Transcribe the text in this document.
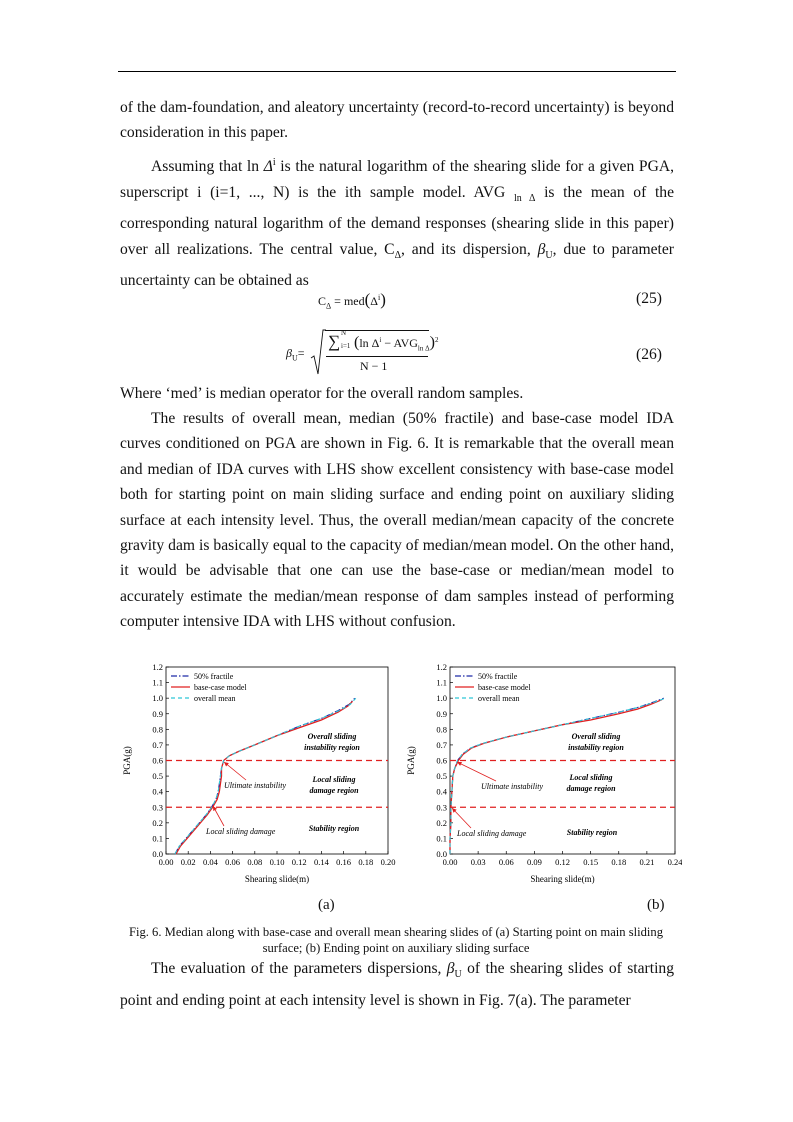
of the dam-foundation, and aleatory uncertainty (record-to-record uncertainty) is beyond consideration in this paper.

Assuming that $\ln \Delta^i$ is the natural logarithm of the shearing slide for a given PGA, superscript i (i=1, ..., N) is the ith sample model. AVG $_{ln \Delta}$ is the mean of the corresponding natural logarithm of the demand responses (shearing slide in this paper) over all realizations. The central value, $C_\Delta$, and its dispersion, $\beta_U$, due to parameter uncertainty can be obtained as

$C_\Delta = med(\Delta^i)$	(25)
$\beta_U=$
∑ N
i=1 (ln $\Delta^i - AVG_{ln \Delta})^2$
N − 1
(26)

Where ‘med’ is median operator for the overall random samples.

The results of overall mean, median (50% fractile) and base-case model IDA curves conditioned on PGA are shown in Fig. 6. It is remarkable that the overall mean and median of IDA curves with LHS show excellent consistency with base-case model both for starting point on main sliding surface and ending point on auxiliary sliding surface at each intensity level. Thus, the overall median/mean capacity of the concrete gravity dam is basically equal to the capacity of median/mean model. On the other hand, it would be advisable that one can use the base-case or median/mean model to accurately estimate the median/mean response of dam samples instead of performing computer intensive IDA with LHS without confusion.

0.0
0.1
0.2
0.3
0.4
0.5
0.6
0.7
0.8
0.9
1.0
1.1
1.2
0.00 0.02 0.04 0.06 0.08 0.10 0.12 0.14 0.16 0.18 0.20
Shearing slide(m)
PGA(g)
50% fractile
base-case model
overall mean
Overall sliding
instability region
Local sliding
damage region
Stability region
Ultimate instability
Local sliding damage
0.0
0.1
0.2
0.3
0.4
0.5
0.6
0.7
0.8
0.9
1.0
1.1
1.2
0.00 0.03 0.06 0.09 0.12 0.15 0.18 0.21 0.24
Shearing slide(m)
PGA(g)
50% fractile
base-case model
overall mean
Overall sliding
instability region
Local sliding
damage region
Stability region
Ultimate instability
Local sliding damage
(a)	(b)
Fig. 6. Median along with base-case and overall mean shearing slides of (a) Starting point on main sliding surface; (b) Ending point on auxiliary sliding surface

The evaluation of the parameters dispersions, $\beta_U$ of the shearing slides of starting point and ending point at each intensity level is shown in Fig. 7(a). The parameter
